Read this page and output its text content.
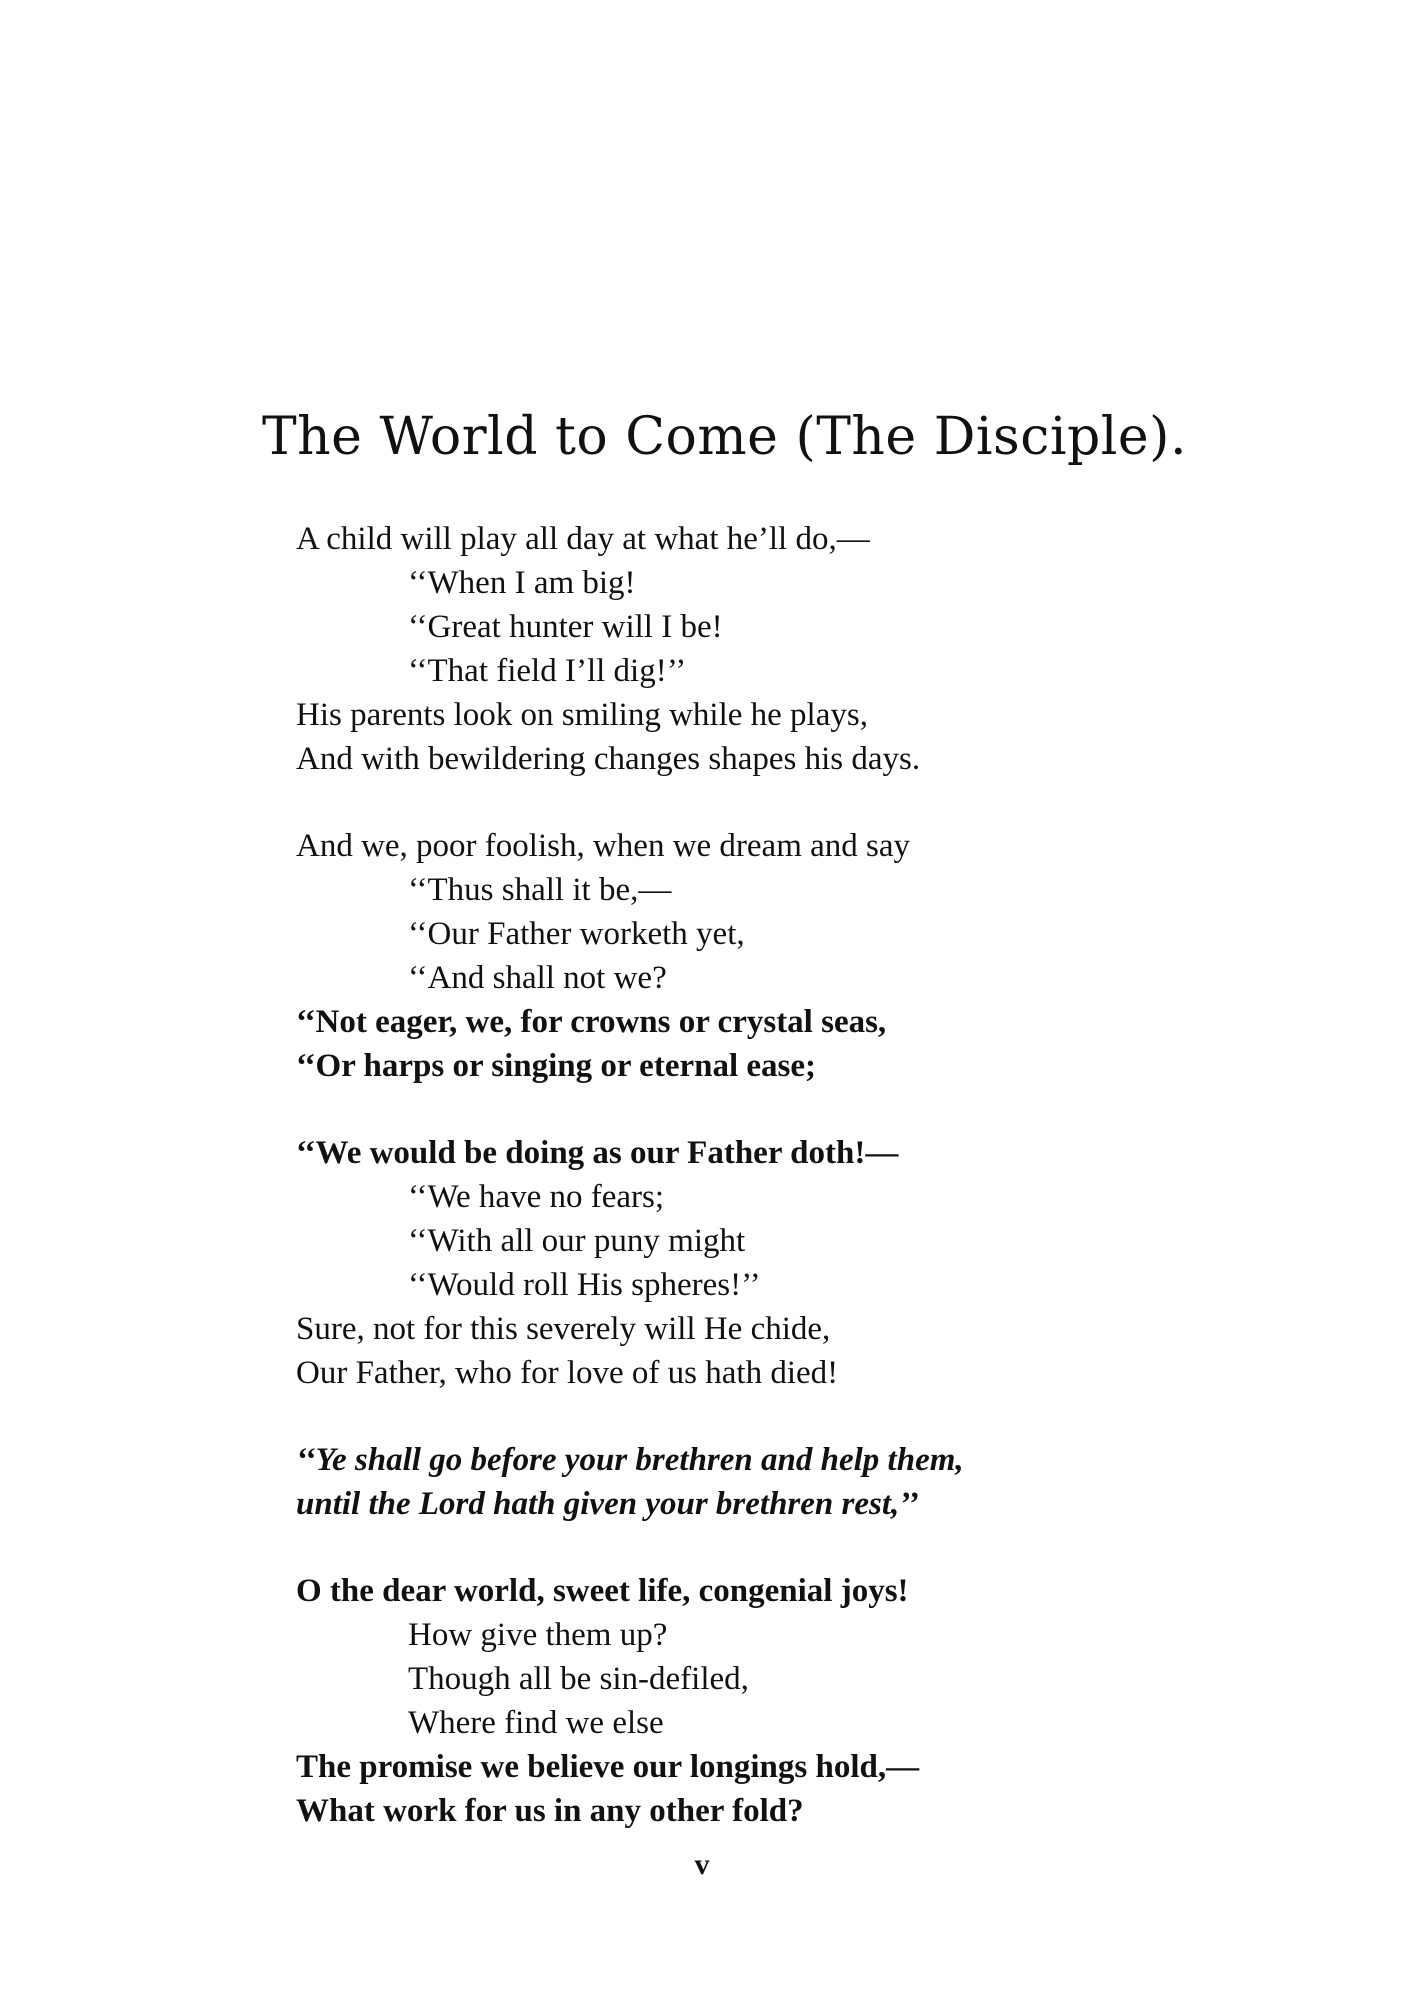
The World to Come (The Disciple).
A child will play all day at what he’ll do,—
‘‘When I am big!
‘‘Great hunter will I be!
‘‘That field I’ll dig!’’
His parents look on smiling while he plays,
And with bewildering changes shapes his days.
And we, poor foolish, when we dream and say
‘‘Thus shall it be,—
‘‘Our Father worketh yet,
‘‘And shall not we?
‘‘Not eager, we, for crowns or crystal seas,
‘‘Or harps or singing or eternal ease;
‘‘We would be doing as our Father doth!—
‘‘We have no fears;
‘‘With all our puny might
‘‘Would roll His spheres!’’
Sure, not for this severely will He chide,
Our Father, who for love of us hath died!
‘‘Ye shall go before your brethren and help them,
until the Lord hath given your brethren rest,’’
O the dear world, sweet life, congenial joys!
How give them up?
Though all be sin-defiled,
Where find we else
The promise we believe our longings hold,—
What work for us in any other fold?

v
